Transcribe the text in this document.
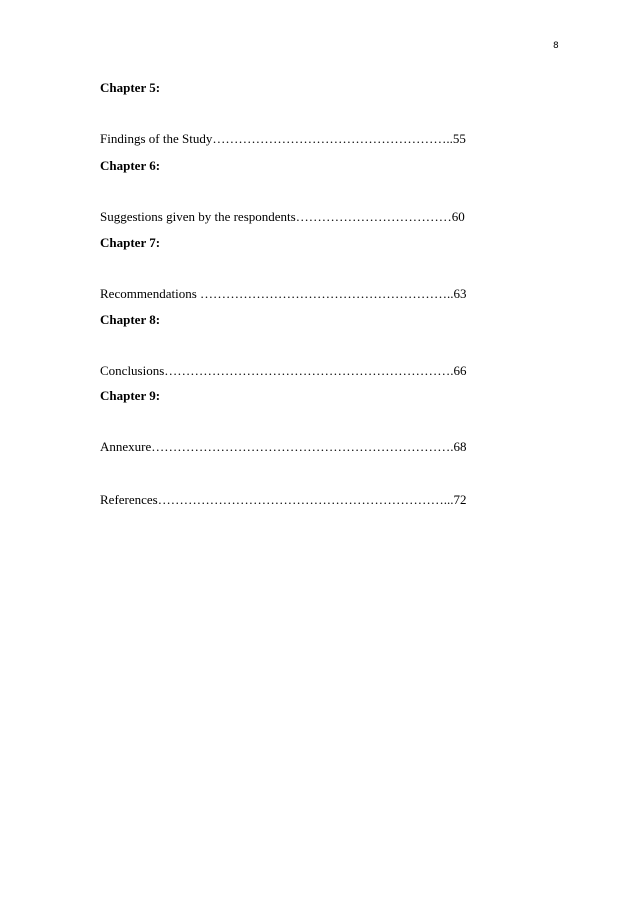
8
Chapter 5:
Findings of the Study………………………………………………..55
Chapter 6:
Suggestions given by the respondents………………………………60
Chapter 7:
Recommendations …………………………………………………..63
Chapter 8:
Conclusions………………………………………………………….66
Chapter 9:
Annexure…………………………………………………………….68
References…………………………………………………………...72
